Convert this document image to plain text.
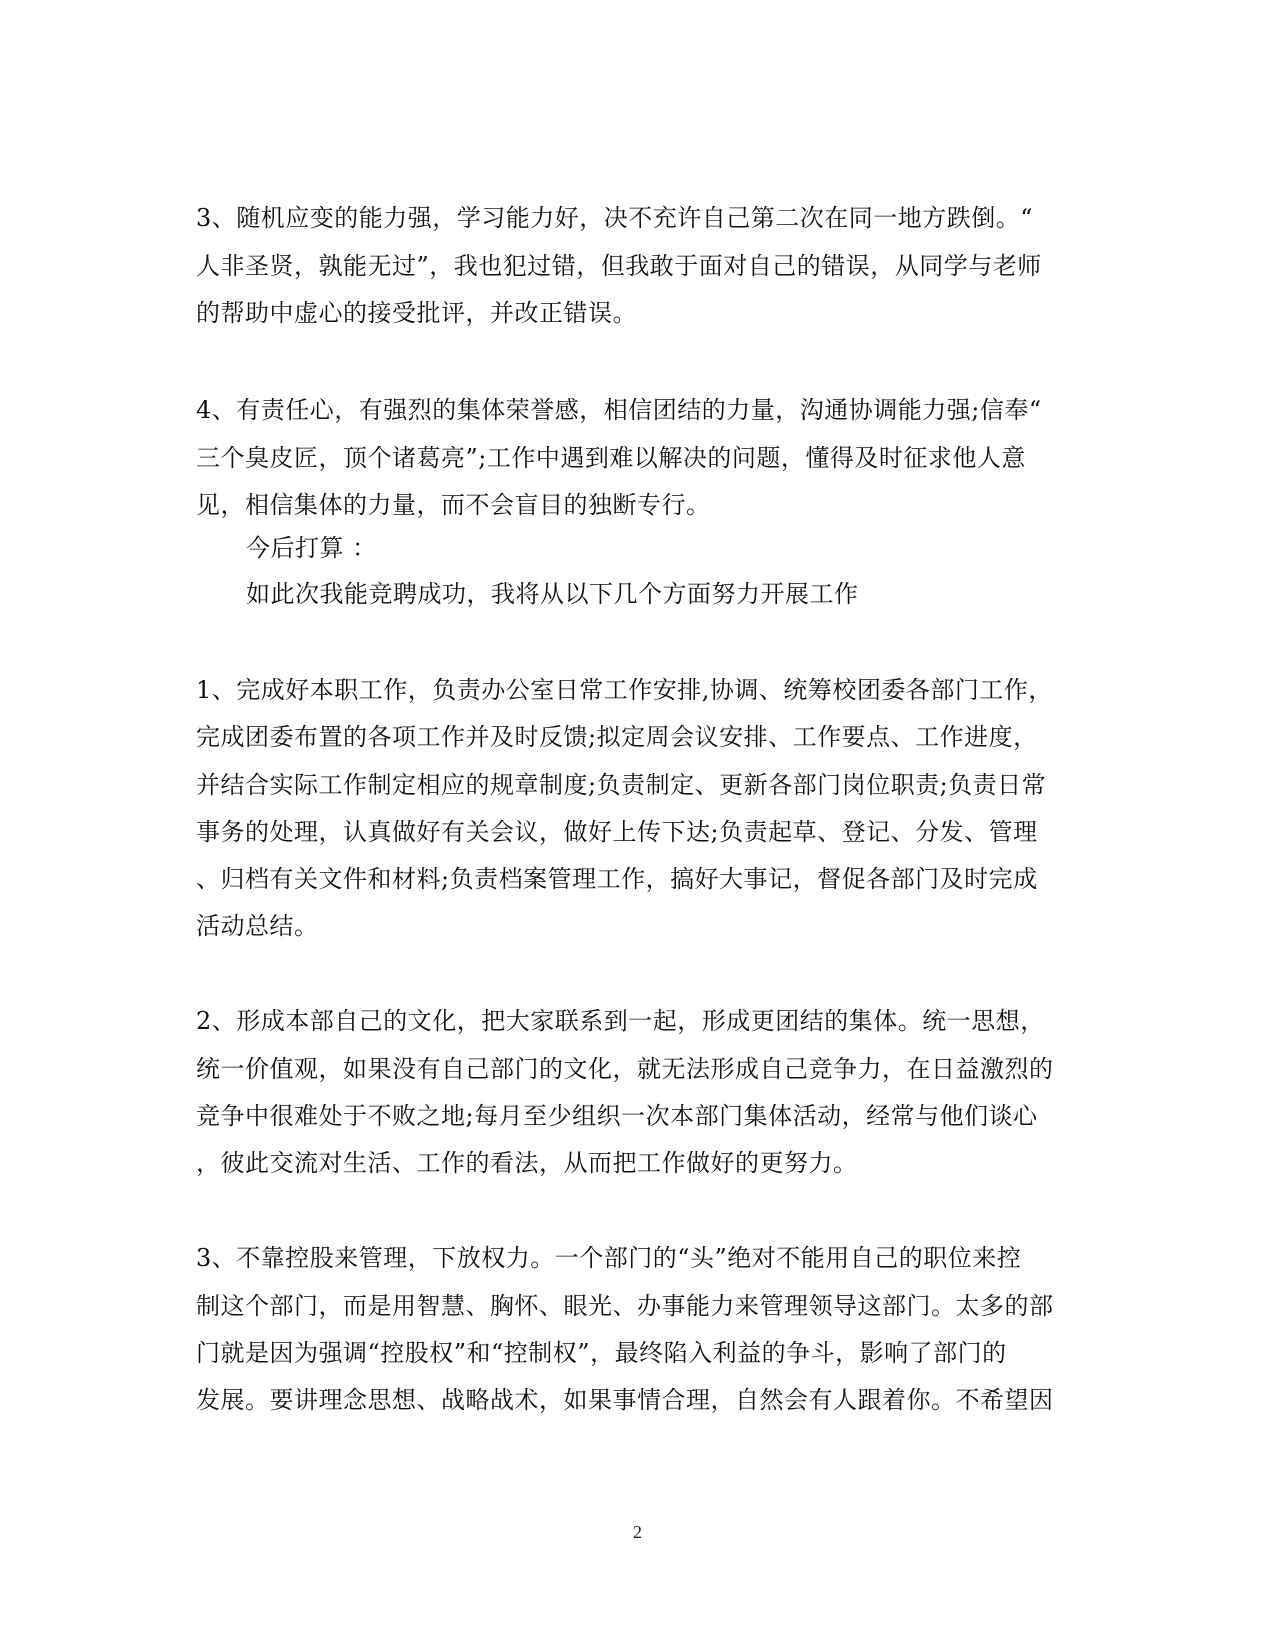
3、随机应变的能力强，学习能力好，决不充许自己第二次在同一地方跌倒。“
人非圣贤，孰能无过”，我也犯过错，但我敢于面对自己的错误，从同学与老师
的帮助中虚心的接受批评，并改正错误。
4、有责任心，有强烈的集体荣誉感，相信团结的力量，沟通协调能力强;信奉“
三个臭皮匠，顶个诸葛亮”;工作中遇到难以解决的问题，懂得及时征求他人意
见，相信集体的力量，而不会盲目的独断专行。
今后打算 ：
如此次我能竞聘成功，我将从以下几个方面努力开展工作
1、完成好本职工作，负责办公室日常工作安排,协调、统筹校团委各部门工作，
完成团委布置的各项工作并及时反馈;拟定周会议安排、工作要点、工作进度，
并结合实际工作制定相应的规章制度;负责制定、更新各部门岗位职责;负责日常
事务的处理，认真做好有关会议，做好上传下达;负责起草、登记、分发、管理
、归档有关文件和材料;负责档案管理工作，搞好大事记，督促各部门及时完成
活动总结。
2、形成本部自己的文化，把大家联系到一起，形成更团结的集体。统一思想，
统一价值观，如果没有自己部门的文化，就无法形成自己竞争力，在日益激烈的
竞争中很难处于不败之地;每月至少组织一次本部门集体活动，经常与他们谈心
，彼此交流对生活、工作的看法，从而把工作做好的更努力。
3、不靠控股来管理，下放权力。一个部门的“头”绝对不能用自己的职位来控
制这个部门，而是用智慧、胸怀、眼光、办事能力来管理领导这部门。太多的部
门就是因为强调“控股权”和“控制权”，最终陷入利益的争斗，影响了部门的
发展。要讲理念思想、战略战术，如果事情合理，自然会有人跟着你。不希望因
2
